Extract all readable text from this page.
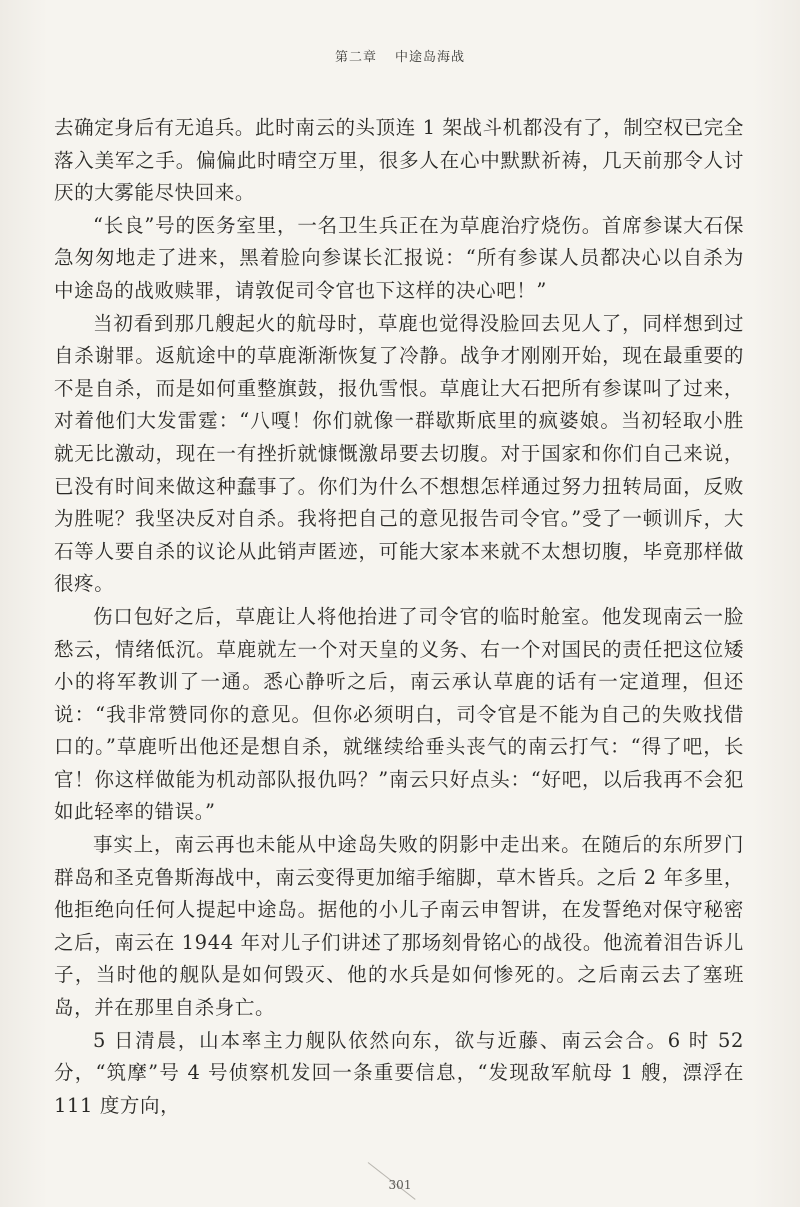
第二章 中途岛海战

去确定身后有无追兵。此时南云的头顶连 1 架战斗机都没有了，制空权已完全落入美军之手。偏偏此时晴空万里，很多人在心中默默祈祷，几天前那令人讨厌的大雾能尽快回来。

“长良”号的医务室里，一名卫生兵正在为草鹿治疗烧伤。首席参谋大石保急匆匆地走了进来，黑着脸向参谋长汇报说：“所有参谋人员都决心以自杀为中途岛的战败赎罪，请敦促司令官也下这样的决心吧！”

当初看到那几艘起火的航母时，草鹿也觉得没脸回去见人了，同样想到过自杀谢罪。返航途中的草鹿渐渐恢复了冷静。战争才刚刚开始，现在最重要的不是自杀，而是如何重整旗鼓，报仇雪恨。草鹿让大石把所有参谋叫了过来，对着他们大发雷霆：“八嘎！你们就像一群歇斯底里的疯婆娘。当初轻取小胜就无比激动，现在一有挫折就慷慨激昂要去切腹。对于国家和你们自己来说，已没有时间来做这种蠢事了。你们为什么不想想怎样通过努力扭转局面，反败为胜呢？我坚决反对自杀。我将把自己的意见报告司令官。”受了一顿训斥，大石等人要自杀的议论从此销声匿迹，可能大家本来就不太想切腹，毕竟那样做很疼。

伤口包好之后，草鹿让人将他抬进了司令官的临时舱室。他发现南云一脸愁云，情绪低沉。草鹿就左一个对天皇的义务、右一个对国民的责任把这位矮小的将军教训了一通。悉心静听之后，南云承认草鹿的话有一定道理，但还说：“我非常赞同你的意见。但你必须明白，司令官是不能为自己的失败找借口的。”草鹿听出他还是想自杀，就继续给垂头丧气的南云打气：“得了吧，长官！你这样做能为机动部队报仇吗？”南云只好点头：“好吧，以后我再不会犯如此轻率的错误。”

事实上，南云再也未能从中途岛失败的阴影中走出来。在随后的东所罗门群岛和圣克鲁斯海战中，南云变得更加缩手缩脚，草木皆兵。之后 2 年多里，他拒绝向任何人提起中途岛。据他的小儿子南云申智讲，在发誓绝对保守秘密之后，南云在 1944 年对儿子们讲述了那场刻骨铭心的战役。他流着泪告诉儿子，当时他的舰队是如何毁灭、他的水兵是如何惨死的。之后南云去了塞班岛，并在那里自杀身亡。

5 日清晨，山本率主力舰队依然向东，欲与近藤、南云会合。6 时 52 分，“筑摩”号 4 号侦察机发回一条重要信息，“发现敌军航母 1 艘，漂浮在 111 度方向，

301
